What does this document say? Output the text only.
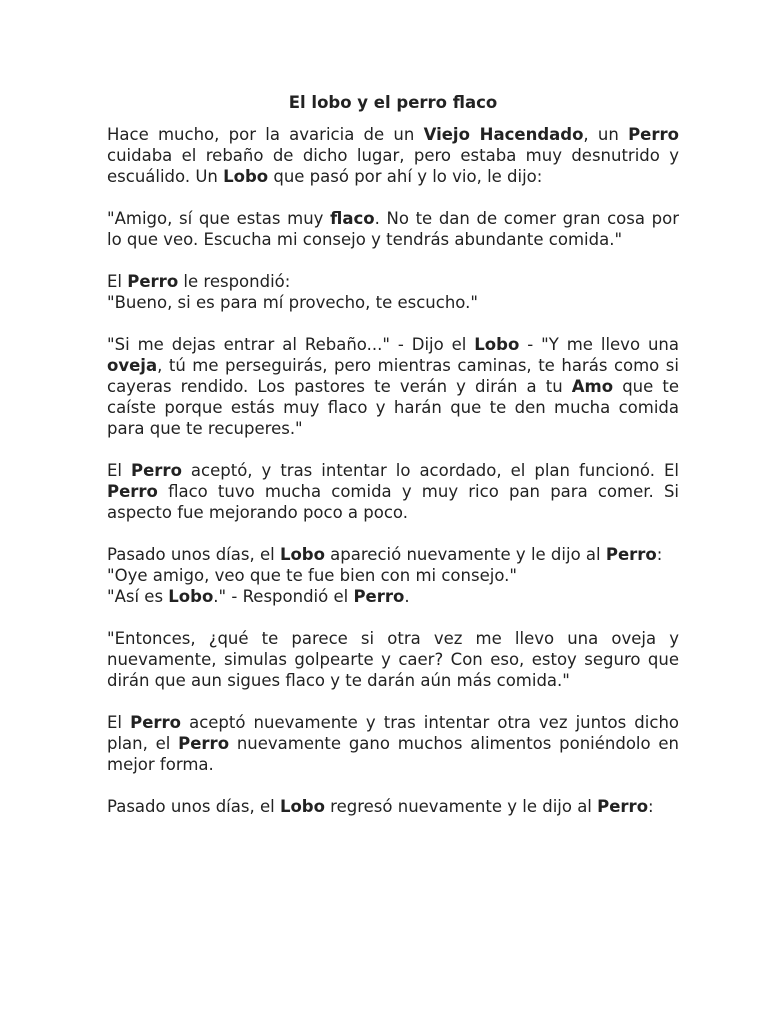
El lobo y el perro flaco
Hace mucho, por la avaricia de un Viejo Hacendado, un Perro cuidaba el rebaño de dicho lugar, pero estaba muy desnutrido y escuálido. Un Lobo que pasó por ahí y lo vio, le dijo:
"Amigo, sí que estas muy flaco. No te dan de comer gran cosa por lo que veo. Escucha mi consejo y tendrás abundante comida."
El Perro le respondió:
"Bueno, si es para mí provecho, te escucho."
"Si me dejas entrar al Rebaño..." - Dijo el Lobo - "Y me llevo una oveja, tú me perseguirás, pero mientras caminas, te harás como si cayeras rendido. Los pastores te verán y dirán a tu Amo que te caíste porque estás muy flaco y harán que te den mucha comida para que te recuperes."
El Perro aceptó, y tras intentar lo acordado, el plan funcionó. El Perro flaco tuvo mucha comida y muy rico pan para comer. Si aspecto fue mejorando poco a poco.
Pasado unos días, el Lobo apareció nuevamente y le dijo al Perro:
"Oye amigo, veo que te fue bien con mi consejo."
"Así es Lobo." - Respondió el Perro.
"Entonces, ¿qué te parece si otra vez me llevo una oveja y nuevamente, simulas golpearte y caer? Con eso, estoy seguro que dirán que aun sigues flaco y te darán aún más comida."
El Perro aceptó nuevamente y tras intentar otra vez juntos dicho plan, el Perro nuevamente gano muchos alimentos poniéndolo en mejor forma.
Pasado unos días, el Lobo regresó nuevamente y le dijo al Perro:
